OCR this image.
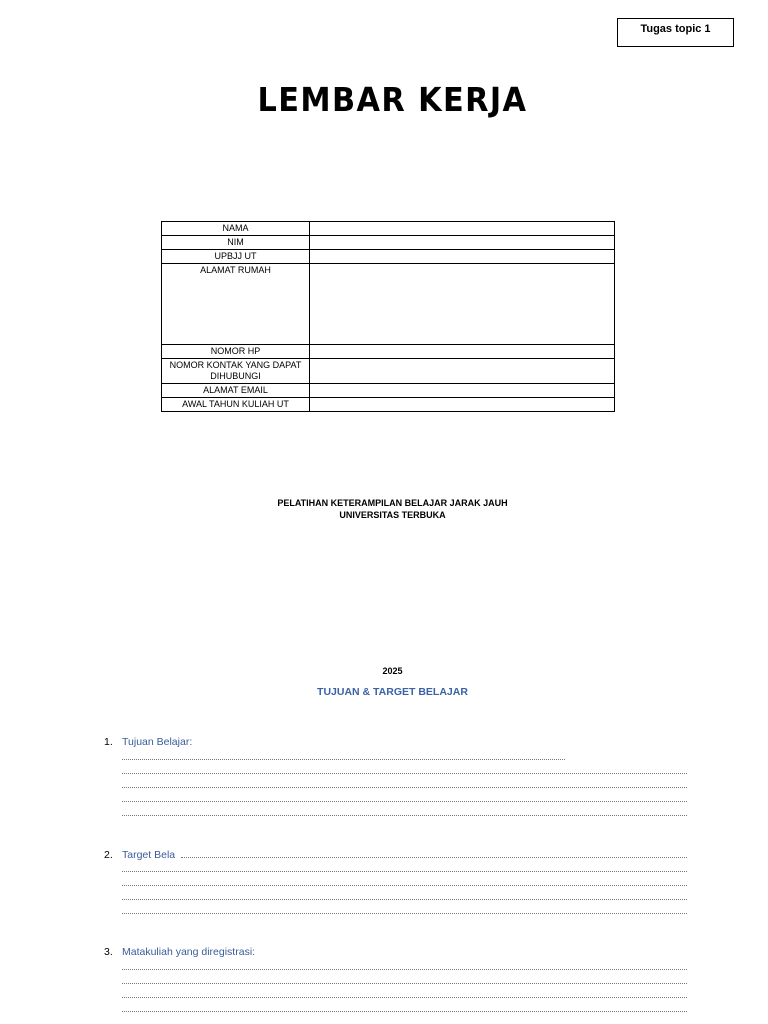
Tugas topic 1
LEMBAR KERJA
NAMA	
NIM	
UPBJJ UT	
ALAMAT RUMAH	
NOMOR HP	
NOMOR KONTAK YANG DAPAT DIHUBUNGI	
ALAMAT EMAIL	
AWAL TAHUN KULIAH UT	
PELATIHAN KETERAMPILAN BELAJAR JARAK JAUH
UNIVERSITAS TERBUKA
2025
TUJUAN & TARGET BELAJAR
1. Tujuan Belajar:
2. Target Bela
3. Matakuliah yang diregistrasi:
